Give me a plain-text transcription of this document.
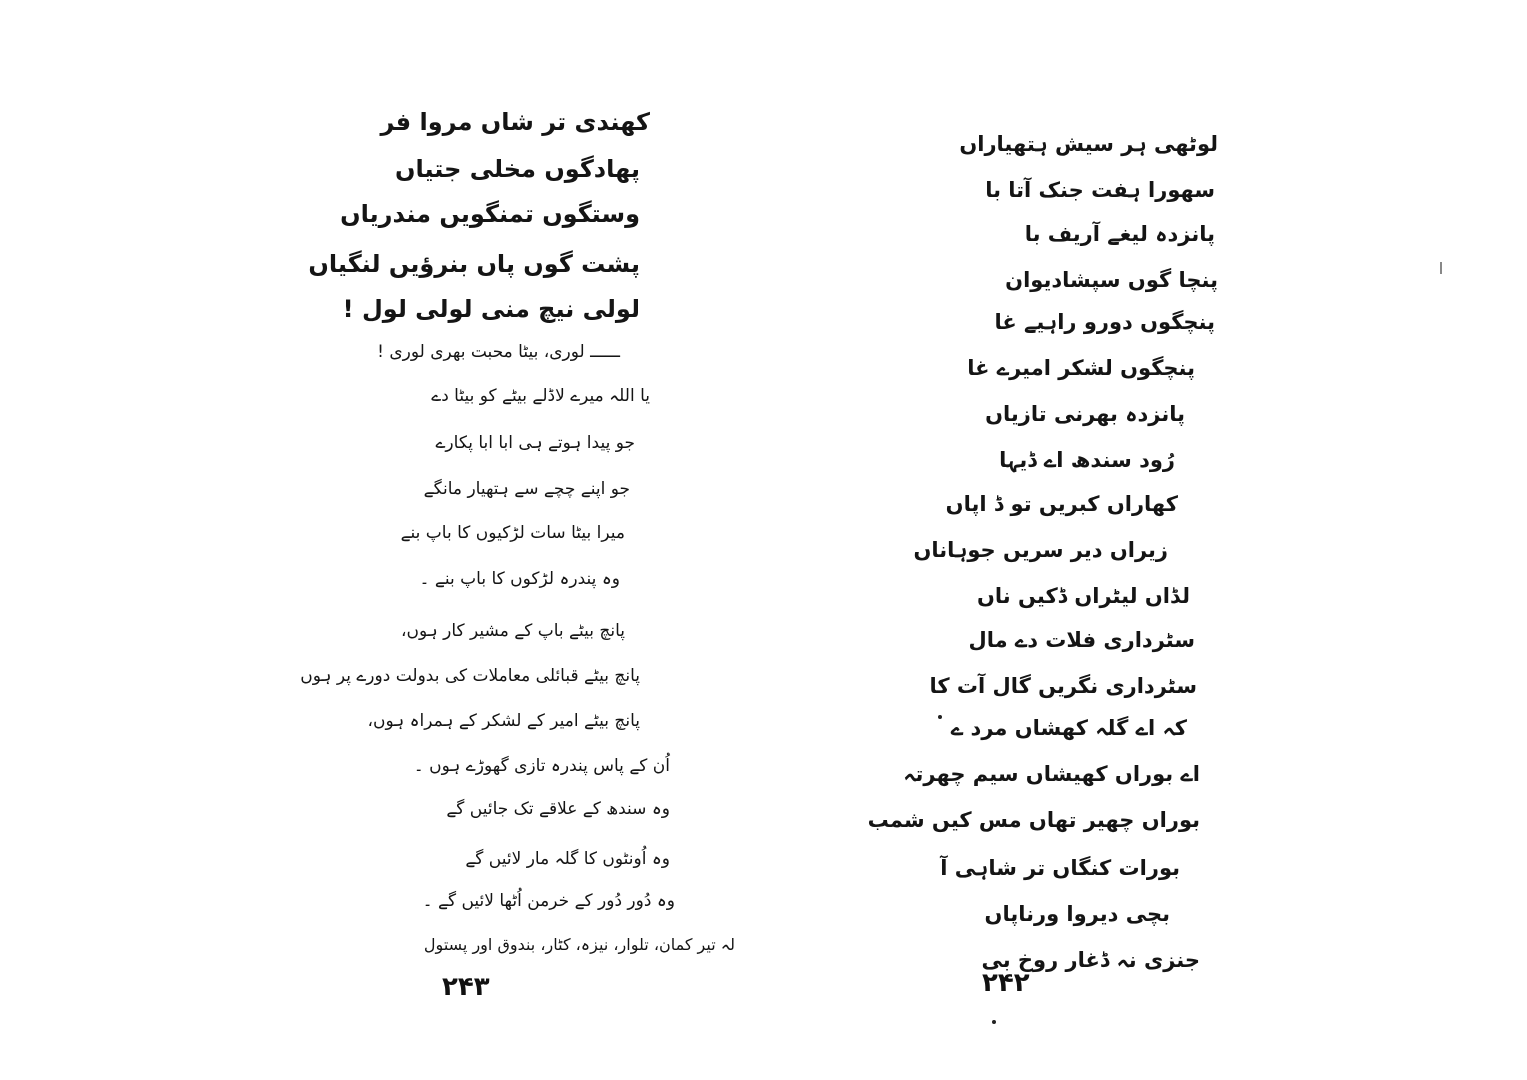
کھندی تر شاں مروا فر
پھادگوں مخلی جتیاں
وستگوں تمنگویں مندریاں
پشت گوں پاں بنرؤیں لنگیاں
لولی نیچ منی لولی لول !
ــــــ لوری، بیٹا محبت بھری لوری !
یا اللہ میرے لاڈلے بیٹے کو بیٹا دے
جو پیدا ہوتے ہی ابا ابا پکارے
جو اپنے چچے سے ہتھیار مانگے
میرا بیٹا سات لڑکیوں کا باپ بنے
وہ پندرہ لڑکوں کا باپ بنے ۔
پانچ بیٹے باپ کے مشیر کار ہوں،
پانچ بیٹے قبائلی معاملات کی بدولت دورے پر ہوں
پانچ بیٹے امیر کے لشکر کے ہمراہ ہوں،
اُن کے پاس پندرہ تازی گھوڑے ہوں ۔
وہ سندھ کے علاقے تک جائیں گے
وہ اُونٹوں کا گلہ مار لائیں گے
وہ دُور دُور کے خرمن اُٹھا لائیں گے ۔
لہ تیر کمان، تلوار، نیزہ، کٹار، بندوق اور پستول
۲۴۳
لوٹھی ہر سیش ہتھیاراں
سھورا ہفت جنک آتا با
پانزدہ لیغے آریف با
پنچا گوں سپشادیوان
پنچگوں دورو راہیے غا
پنچگوں لشکر امیرے غا
پانزدہ بھرنی تازیاں
رُود سندھ اے ڈیہا
کھاراں کبریں تو ڈ اپاں
زیراں دیر سریں جوہاناں
لڈاں لیٹراں ڈکیں ناں
سٹرداری فلات دے مال
سٹرداری نگریں گال آت کا
کہ اے گلہ کھشاں مرد ے
اے بوراں کھیشاں سیم چھرتہ
بوراں چھیر تھاں مس کیں شمب
بورات کنگاں تر شاہی آ
بچی دیروا ورناپاں
جنزی نہ ڈغار روخ بی
۲۴۲
